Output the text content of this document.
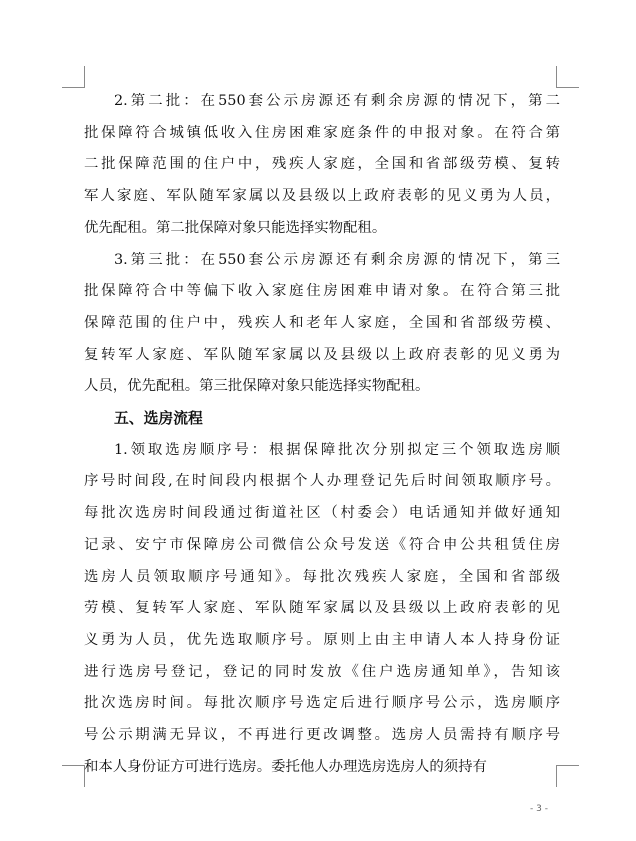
2.第二批：在550套公示房源还有剩余房源的情况下，第二
批保障符合城镇低收入住房困难家庭条件的申报对象。在符合第
二批保障范围的住户中，残疾人家庭，全国和省部级劳模、复转
军人家庭、军队随军家属以及县级以上政府表彰的见义勇为人员，
优先配租。第二批保障对象只能选择实物配租。
3.第三批：在550套公示房源还有剩余房源的情况下，第三
批保障符合中等偏下收入家庭住房困难申请对象。在符合第三批
保障范围的住户中，残疾人和老年人家庭，全国和省部级劳模、
复转军人家庭、军队随军家属以及县级以上政府表彰的见义勇为
人员，优先配租。第三批保障对象只能选择实物配租。
五、选房流程
1.领取选房顺序号：根据保障批次分别拟定三个领取选房顺
序号时间段,在时间段内根据个人办理登记先后时间领取顺序号。
每批次选房时间段通过街道社区（村委会）电话通知并做好通知
记录、安宁市保障房公司微信公众号发送《符合申公共租赁住房
选房人员领取顺序号通知》。每批次残疾人家庭，全国和省部级
劳模、复转军人家庭、军队随军家属以及县级以上政府表彰的见
义勇为人员，优先选取顺序号。原则上由主申请人本人持身份证
进行选房号登记，登记的同时发放《住户选房通知单》，告知该
批次选房时间。每批次顺序号选定后进行顺序号公示，选房顺序
号公示期满无异议，不再进行更改调整。选房人员需持有顺序号
和本人身份证方可进行选房。委托他人办理选房选房人的须持有
- 3 -
